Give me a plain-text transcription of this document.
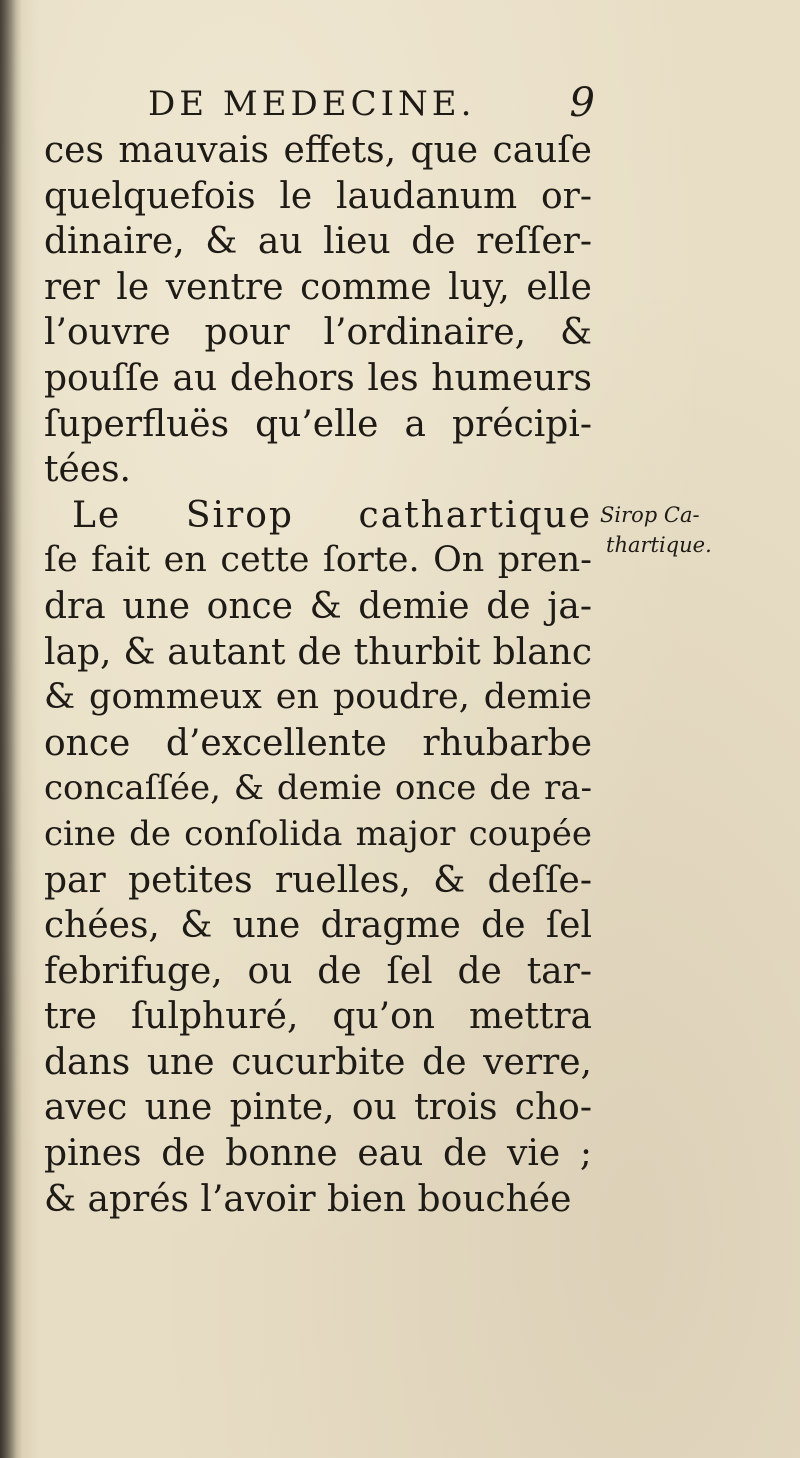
DE MEDECINE. 9
ces mauvais effets, que cauſe
quelquefois le laudanum or-
dinaire, & au lieu de reſſer-
rer le ventre comme luy, elle
l’ouvre pour l’ordinaire, &
pouſſe au dehors les humeurs
ſuperfluës qu’elle a précipi-
tées.
Le Sirop cathartique
ſe fait en cette ſorte. On pren-
dra une once & demie de ja-
lap, & autant de thurbit blanc
& gommeux en poudre, demie
once d’excellente rhubarbe
concaſſée, & demie once de ra-
cine de conſolida major coupée
par petites ruelles, & deſſe-
chées, & une dragme de ſel
febrifuge, ou de ſel de tar-
tre ſulphuré, qu’on mettra
dans une cucurbite de verre,
avec une pinte, ou trois cho-
pines de bonne eau de vie ;
& aprés l’avoir bien bouchée
Sirop Ca-
thartique.
